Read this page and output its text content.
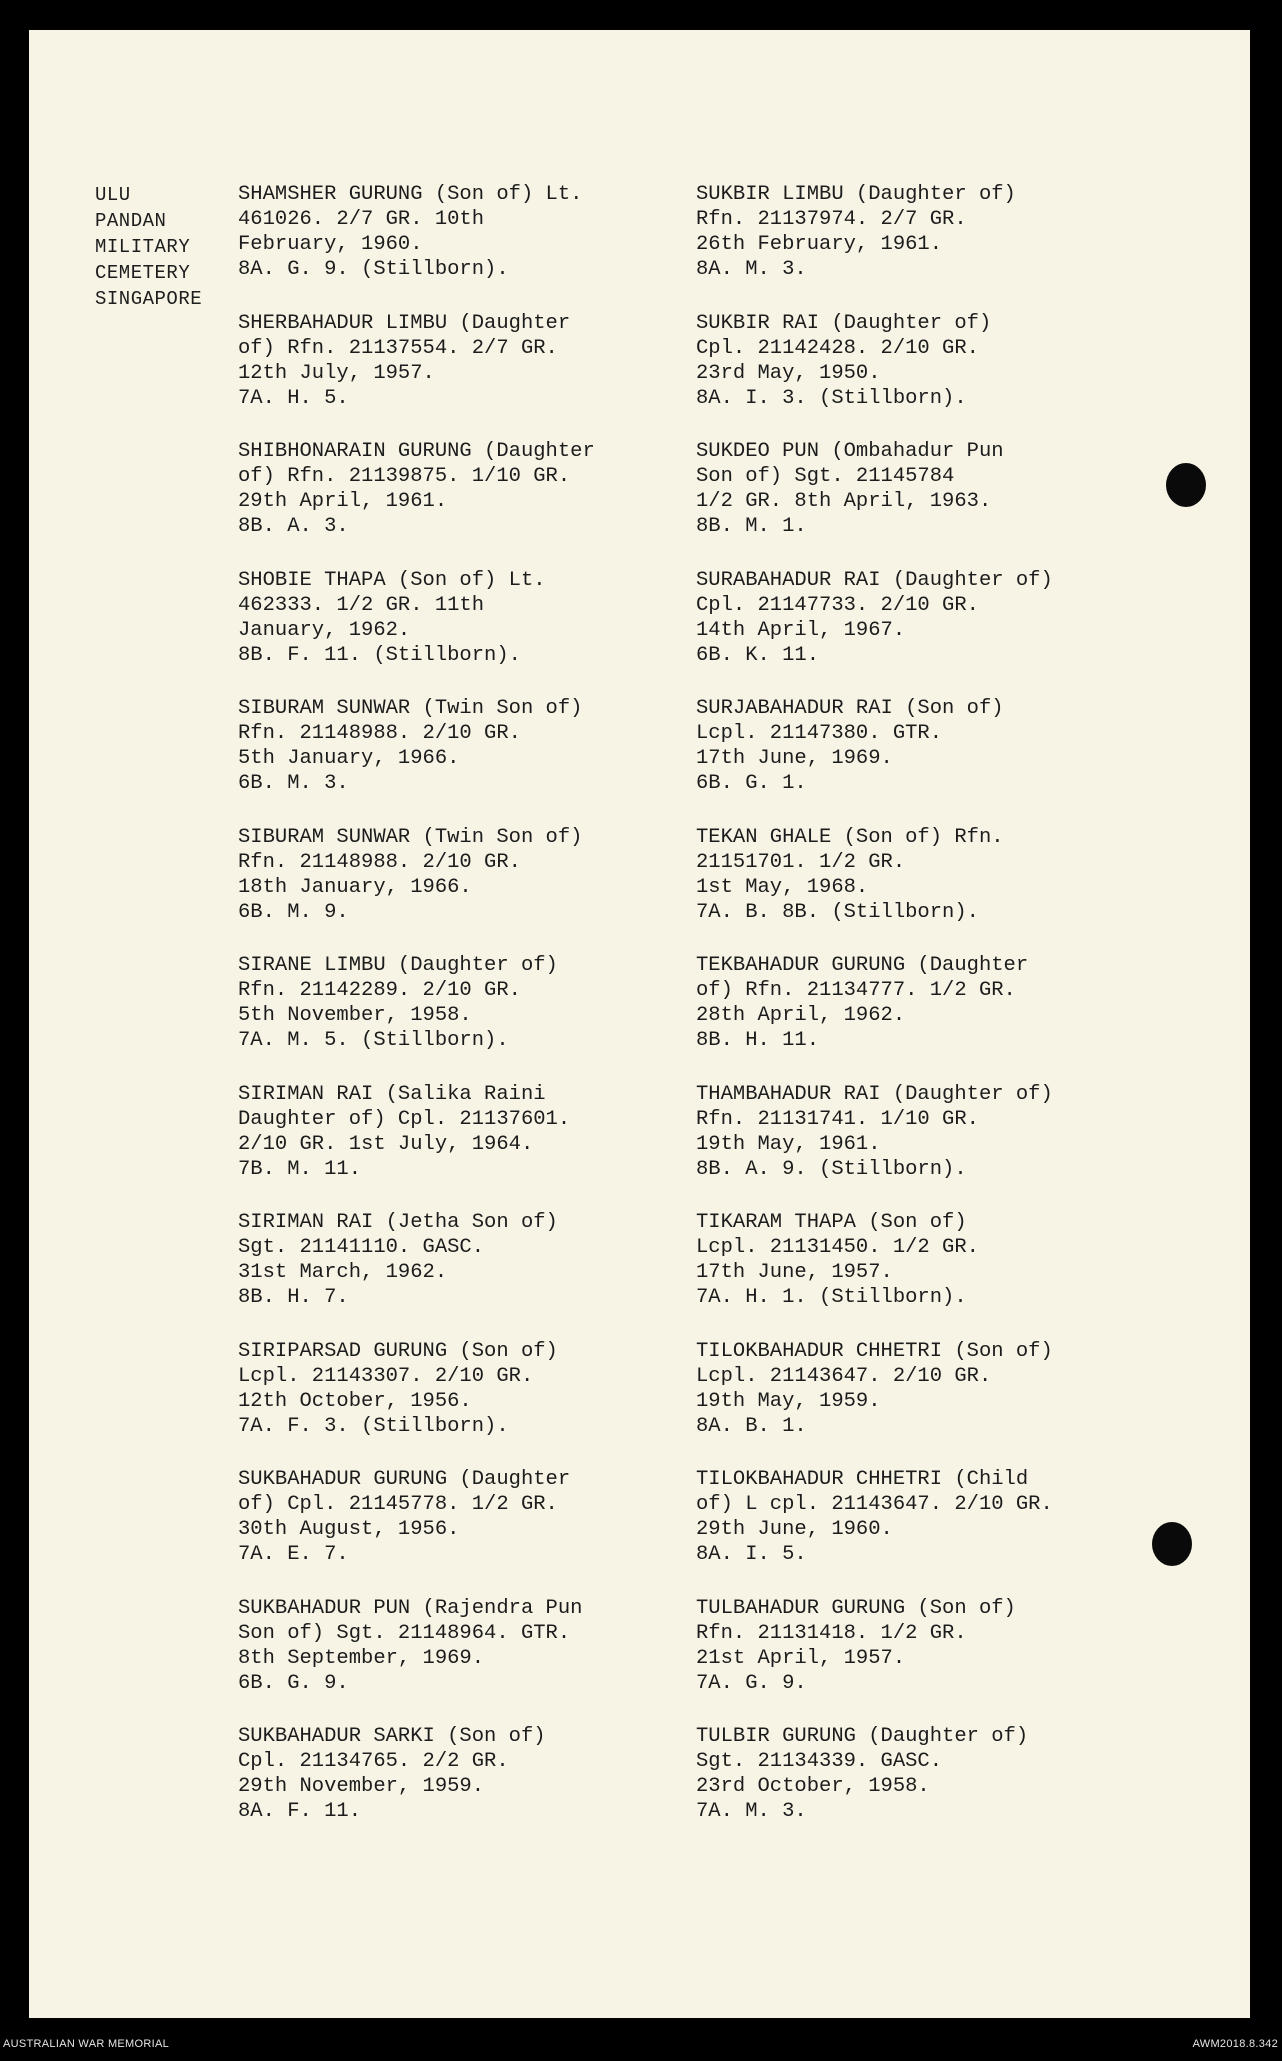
ULU
PANDAN
MILITARY
CEMETERY
SINGAPORE
SHAMSHER GURUNG (Son of) Lt.
461026. 2/7 GR. 10th
February, 1960.
8A. G. 9. (Stillborn).
SHERBAHADUR LIMBU (Daughter
of) Rfn. 21137554. 2/7 GR.
12th July, 1957.
7A. H. 5.
SHIBHONARAIN GURUNG (Daughter
of) Rfn. 21139875. 1/10 GR.
29th April, 1961.
8B. A. 3.
SHOBIE THAPA (Son of) Lt.
462333. 1/2 GR. 11th
January, 1962.
8B. F. 11. (Stillborn).
SIBURAM SUNWAR (Twin Son of)
Rfn. 21148988. 2/10 GR.
5th January, 1966.
6B. M. 3.
SIBURAM SUNWAR (Twin Son of)
Rfn. 21148988. 2/10 GR.
18th January, 1966.
6B. M. 9.
SIRANE LIMBU (Daughter of)
Rfn. 21142289. 2/10 GR.
5th November, 1958.
7A. M. 5. (Stillborn).
SIRIMAN RAI (Salika Raini
Daughter of) Cpl. 21137601.
2/10 GR. 1st July, 1964.
7B. M. 11.
SIRIMAN RAI (Jetha Son of)
Sgt. 21141110. GASC.
31st March, 1962.
8B. H. 7.
SIRIPARSAD GURUNG (Son of)
Lcpl. 21143307. 2/10 GR.
12th October, 1956.
7A. F. 3. (Stillborn).
SUKBAHADUR GURUNG (Daughter
of) Cpl. 21145778. 1/2 GR.
30th August, 1956.
7A. E. 7.
SUKBAHADUR PUN (Rajendra Pun
Son of) Sgt. 21148964. GTR.
8th September, 1969.
6B. G. 9.
SUKBAHADUR SARKI (Son of)
Cpl. 21134765. 2/2 GR.
29th November, 1959.
8A. F. 11.
SUKBIR LIMBU (Daughter of)
Rfn. 21137974. 2/7 GR.
26th February, 1961.
8A. M. 3.
SUKBIR RAI (Daughter of)
Cpl. 21142428. 2/10 GR.
23rd May, 1950.
8A. I. 3. (Stillborn).
SUKDEO PUN (Ombahadur Pun
Son of) Sgt. 21145784
1/2 GR. 8th April, 1963.
8B. M. 1.
SURABAHADUR RAI (Daughter of)
Cpl. 21147733. 2/10 GR.
14th April, 1967.
6B. K. 11.
SURJABAHADUR RAI (Son of)
Lcpl. 21147380. GTR.
17th June, 1969.
6B. G. 1.
TEKAN GHALE (Son of) Rfn.
21151701. 1/2 GR.
1st May, 1968.
7A. B. 8B. (Stillborn).
TEKBAHADUR GURUNG (Daughter
of) Rfn. 21134777. 1/2 GR.
28th April, 1962.
8B. H. 11.
THAMBAHADUR RAI (Daughter of)
Rfn. 21131741. 1/10 GR.
19th May, 1961.
8B. A. 9. (Stillborn).
TIKARAM THAPA (Son of)
Lcpl. 21131450. 1/2 GR.
17th June, 1957.
7A. H. 1. (Stillborn).
TILOKBAHADUR CHHETRI (Son of)
Lcpl. 21143647. 2/10 GR.
19th May, 1959.
8A. B. 1.
TILOKBAHADUR CHHETRI (Child
of) L cpl. 21143647. 2/10 GR.
29th June, 1960.
8A. I. 5.
TULBAHADUR GURUNG (Son of)
Rfn. 21131418. 1/2 GR.
21st April, 1957.
7A. G. 9.
TULBIR GURUNG (Daughter of)
Sgt. 21134339. GASC.
23rd October, 1958.
7A. M. 3.
AUSTRALIAN WAR MEMORIAL	AWM2018.8.342
